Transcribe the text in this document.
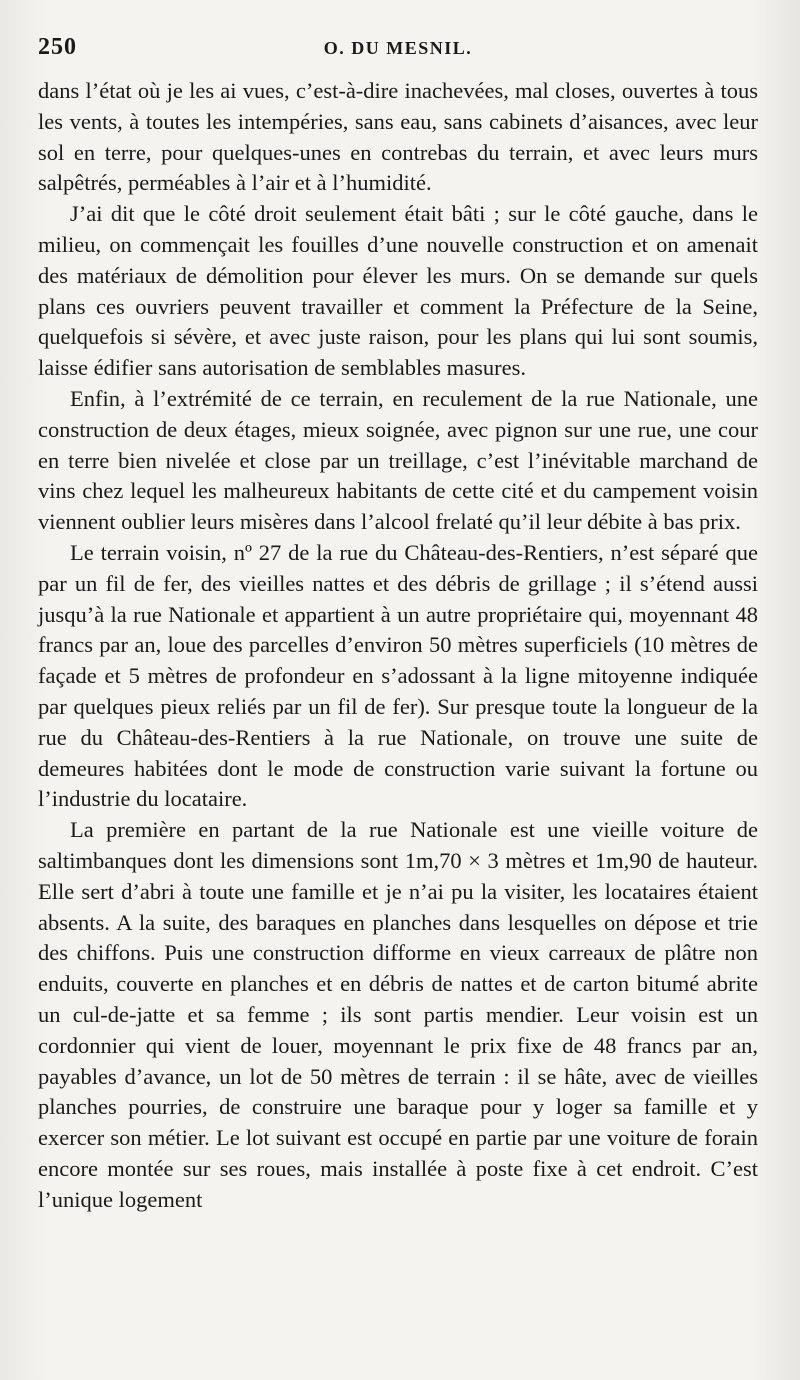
250	O. DU MESNIL.

dans l’état où je les ai vues, c’est-à-dire inachevées, mal closes, ouvertes à tous les vents, à toutes les intempéries, sans eau, sans cabinets d’aisances, avec leur sol en terre, pour quelques-unes en contrebas du terrain, et avec leurs murs salpêtrés, perméables à l’air et à l’humidité.

J’ai dit que le côté droit seulement était bâti ; sur le côté gauche, dans le milieu, on commençait les fouilles d’une nouvelle construction et on amenait des matériaux de démolition pour élever les murs. On se demande sur quels plans ces ouvriers peuvent travailler et comment la Préfecture de la Seine, quelquefois si sévère, et avec juste raison, pour les plans qui lui sont soumis, laisse édifier sans autorisation de semblables masures.

Enfin, à l’extrémité de ce terrain, en reculement de la rue Nationale, une construction de deux étages, mieux soignée, avec pignon sur une rue, une cour en terre bien nivelée et close par un treillage, c’est l’inévitable marchand de vins chez lequel les malheureux habitants de cette cité et du campement voisin viennent oublier leurs misères dans l’alcool frelaté qu’il leur débite à bas prix.

Le terrain voisin, nº 27 de la rue du Château-des-Rentiers, n’est séparé que par un fil de fer, des vieilles nattes et des débris de grillage ; il s’étend aussi jusqu’à la rue Nationale et appartient à un autre propriétaire qui, moyennant 48 francs par an, loue des parcelles d’environ 50 mètres superficiels (10 mètres de façade et 5 mètres de profondeur en s’adossant à la ligne mitoyenne indiquée par quelques pieux reliés par un fil de fer). Sur presque toute la longueur de la rue du Château-des-Rentiers à la rue Nationale, on trouve une suite de demeures habitées dont le mode de construction varie suivant la fortune ou l’industrie du locataire.

La première en partant de la rue Nationale est une vieille voiture de saltimbanques dont les dimensions sont 1m,70 × 3 mètres et 1m,90 de hauteur. Elle sert d’abri à toute une famille et je n’ai pu la visiter, les locataires étaient absents. A la suite, des baraques en planches dans lesquelles on dépose et trie des chiffons. Puis une construction difforme en vieux carreaux de plâtre non enduits, couverte en planches et en débris de nattes et de carton bitumé abrite un cul-de-jatte et sa femme ; ils sont partis mendier. Leur voisin est un cordonnier qui vient de louer, moyennant le prix fixe de 48 francs par an, payables d’avance, un lot de 50 mètres de terrain : il se hâte, avec de vieilles planches pourries, de construire une baraque pour y loger sa famille et y exercer son métier. Le lot suivant est occupé en partie par une voiture de forain encore montée sur ses roues, mais installée à poste fixe à cet endroit. C’est l’unique logement
